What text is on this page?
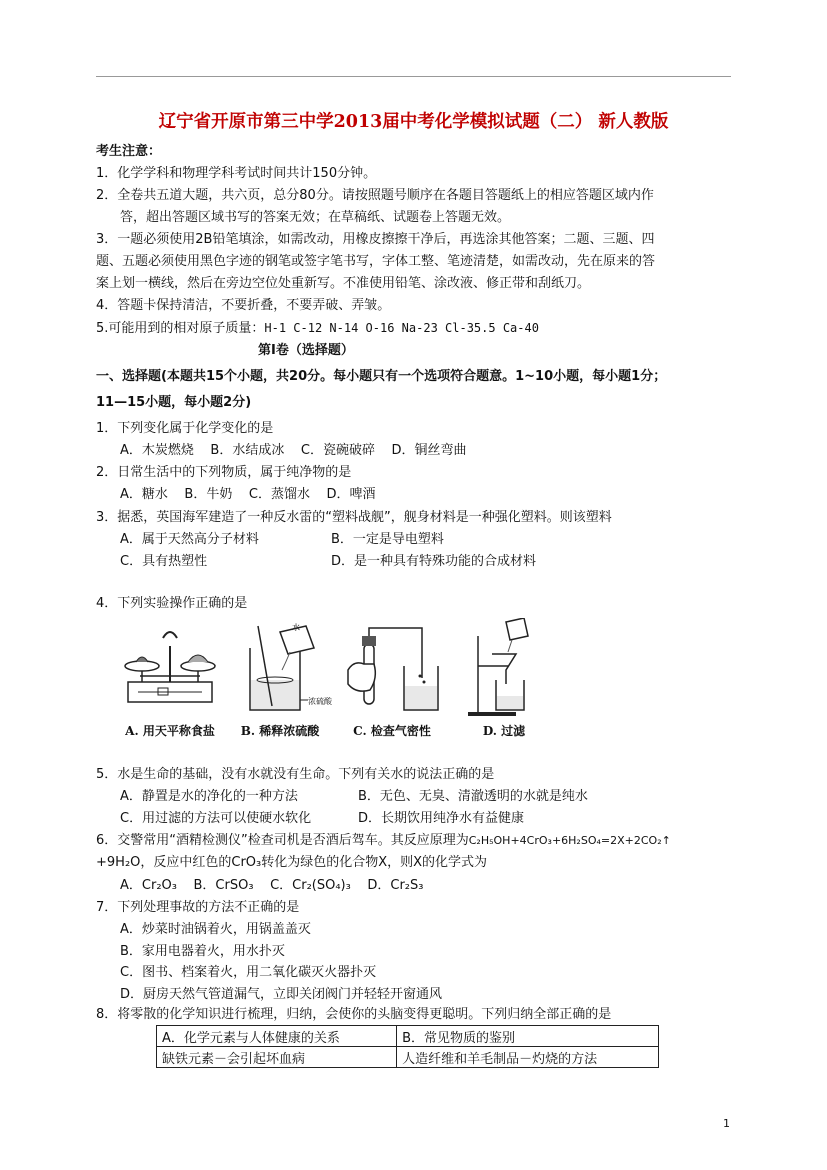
辽宁省开原市第三中学2013届中考化学模拟试题（二） 新人教版
考生注意：
1．化学学科和物理学科考试时间共计150分钟。
2．全卷共五道大题，共六页，总分80分。请按照题号顺序在各题目答题纸上的相应答题区域内作
答，超出答题区域书写的答案无效；在草稿纸、试题卷上答题无效。
3．一题必须使用2B铅笔填涂，如需改动，用橡皮擦擦干净后，再选涂其他答案；二题、三题、四
题、五题必须使用黑色字迹的钢笔或签字笔书写，字体工整、笔迹清楚，如需改动，先在原来的答
案上划一横线，然后在旁边空位处重新写。不准使用铅笔、涂改液、修正带和刮纸刀。
4．答题卡保持清洁，不要折叠，不要弄破、弄皱。
5.可能用到的相对原子质量：H-1 C-12 N-14 O-16 Na-23 Cl-35.5 Ca-40
第Ⅰ卷（选择题）
一、选择题(本题共15个小题，共20分。每小题只有一个选项符合题意。1~10小题，每小题1分；
11—15小题，每小题2分)
1．下列变化属于化学变化的是
A．木炭燃烧    B．水结成冰    C．瓷碗破碎    D．铜丝弯曲
2．日常生活中的下列物质，属于纯净物的是
A．糖水    B．牛奶    C．蒸馏水    D．啤酒
3．据悉，英国海军建造了一种反水雷的“塑料战舰”，舰身材料是一种强化塑料。则该塑料
A．属于天然高分子材料	B．一定是导电塑料
C．具有热塑性	D．是一种具有特殊功能的合成材料
4．下列实验操作正确的是
A. 用天平称食盐
水
浓硫酸
B. 稀释浓硫酸	C. 检查气密性	D. 过滤
5．水是生命的基础，没有水就没有生命。下列有关水的说法正确的是
A．静置是水的净化的一种方法	B．无色、无臭、清澈透明的水就是纯水
C．用过滤的方法可以使硬水软化	D．长期饮用纯净水有益健康
6．交警常用“酒精检测仪”检查司机是否酒后驾车。其反应原理为C₂H₅OH+4CrO₃+6H₂SO₄=2X+2CO₂↑
+9H₂O，反应中红色的CrO₃转化为绿色的化合物X，则X的化学式为
A．Cr₂O₃    B．CrSO₃    C．Cr₂(SO₄)₃    D．Cr₂S₃
7．下列处理事故的方法不正确的是
A．炒菜时油锅着火，用锅盖盖灭
B．家用电器着火，用水扑灭
C．图书、档案着火，用二氧化碳灭火器扑灭
D．厨房天然气管道漏气，立即关闭阀门并轻轻开窗通风
8．将零散的化学知识进行梳理，归纳，会使你的头脑变得更聪明。下列归纳全部正确的是
A．化学元素与人体健康的关系	B．常见物质的鉴别
缺铁元素－会引起坏血病	人造纤维和羊毛制品－灼烧的方法
1
